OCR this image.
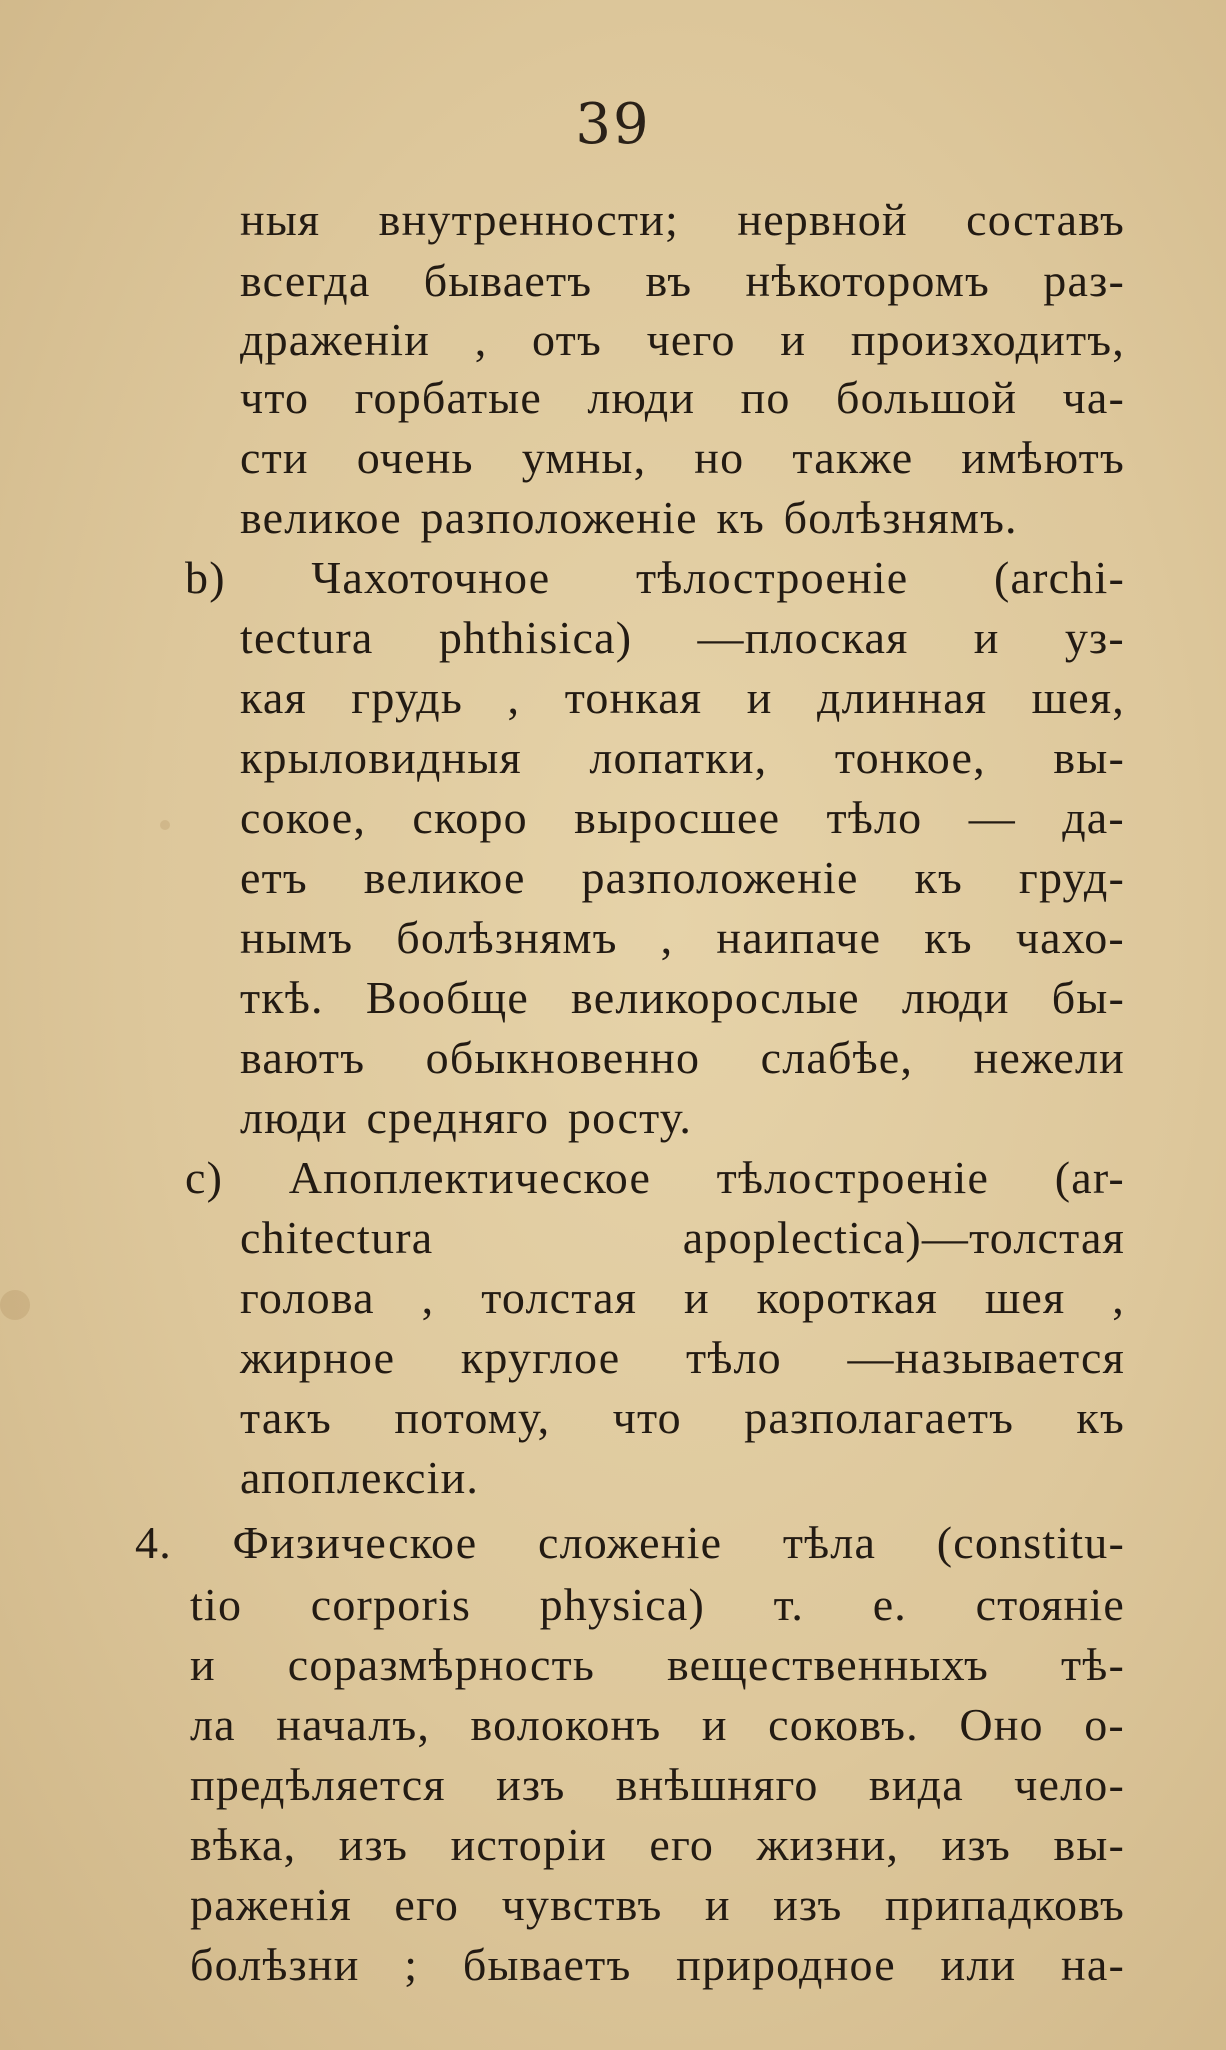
39
ныя внутренности; нервной составъ
всегда бываетъ въ нѣкоторомъ раз-
драженіи , отъ чего и произходитъ,
что горбатые люди по большой ча-
сти очень умны, но также имѣютъ
великое разположеніе къ болѣзнямъ.
b) Чахоточное тѣлостроеніе (archi-
tectura phthisica) —плоская и уз-
кая грудь , тонкая и длинная шея,
крыловидныя лопатки, тонкое, вы-
сокое, скоро выросшее тѣло — да-
етъ великое разположеніе къ груд-
нымъ болѣзнямъ , наипаче къ чахо-
ткѣ. Вообще великорослые люди бы-
ваютъ обыкновенно слабѣе, нежели
люди средняго росту.
c) Апоплектическое тѣлостроеніе (ar-
chitectura	apoplectica)—толстая
голова , толстая и короткая шея ,
жирное круглое тѣло —называется
такъ потому, что разполагаетъ къ
апоплексіи.
4. Физическое сложеніе тѣла (constitu-
tio corporis physica) т. е. стояніе
и соразмѣрность вещественныхъ тѣ-
ла началъ, волоконъ и соковъ. Оно о-
предѣляется изъ внѣшняго вида чело-
вѣка, изъ исторіи его жизни, изъ вы-
раженія его чувствъ и изъ припадковъ
болѣзни ; бываетъ природное или на-
